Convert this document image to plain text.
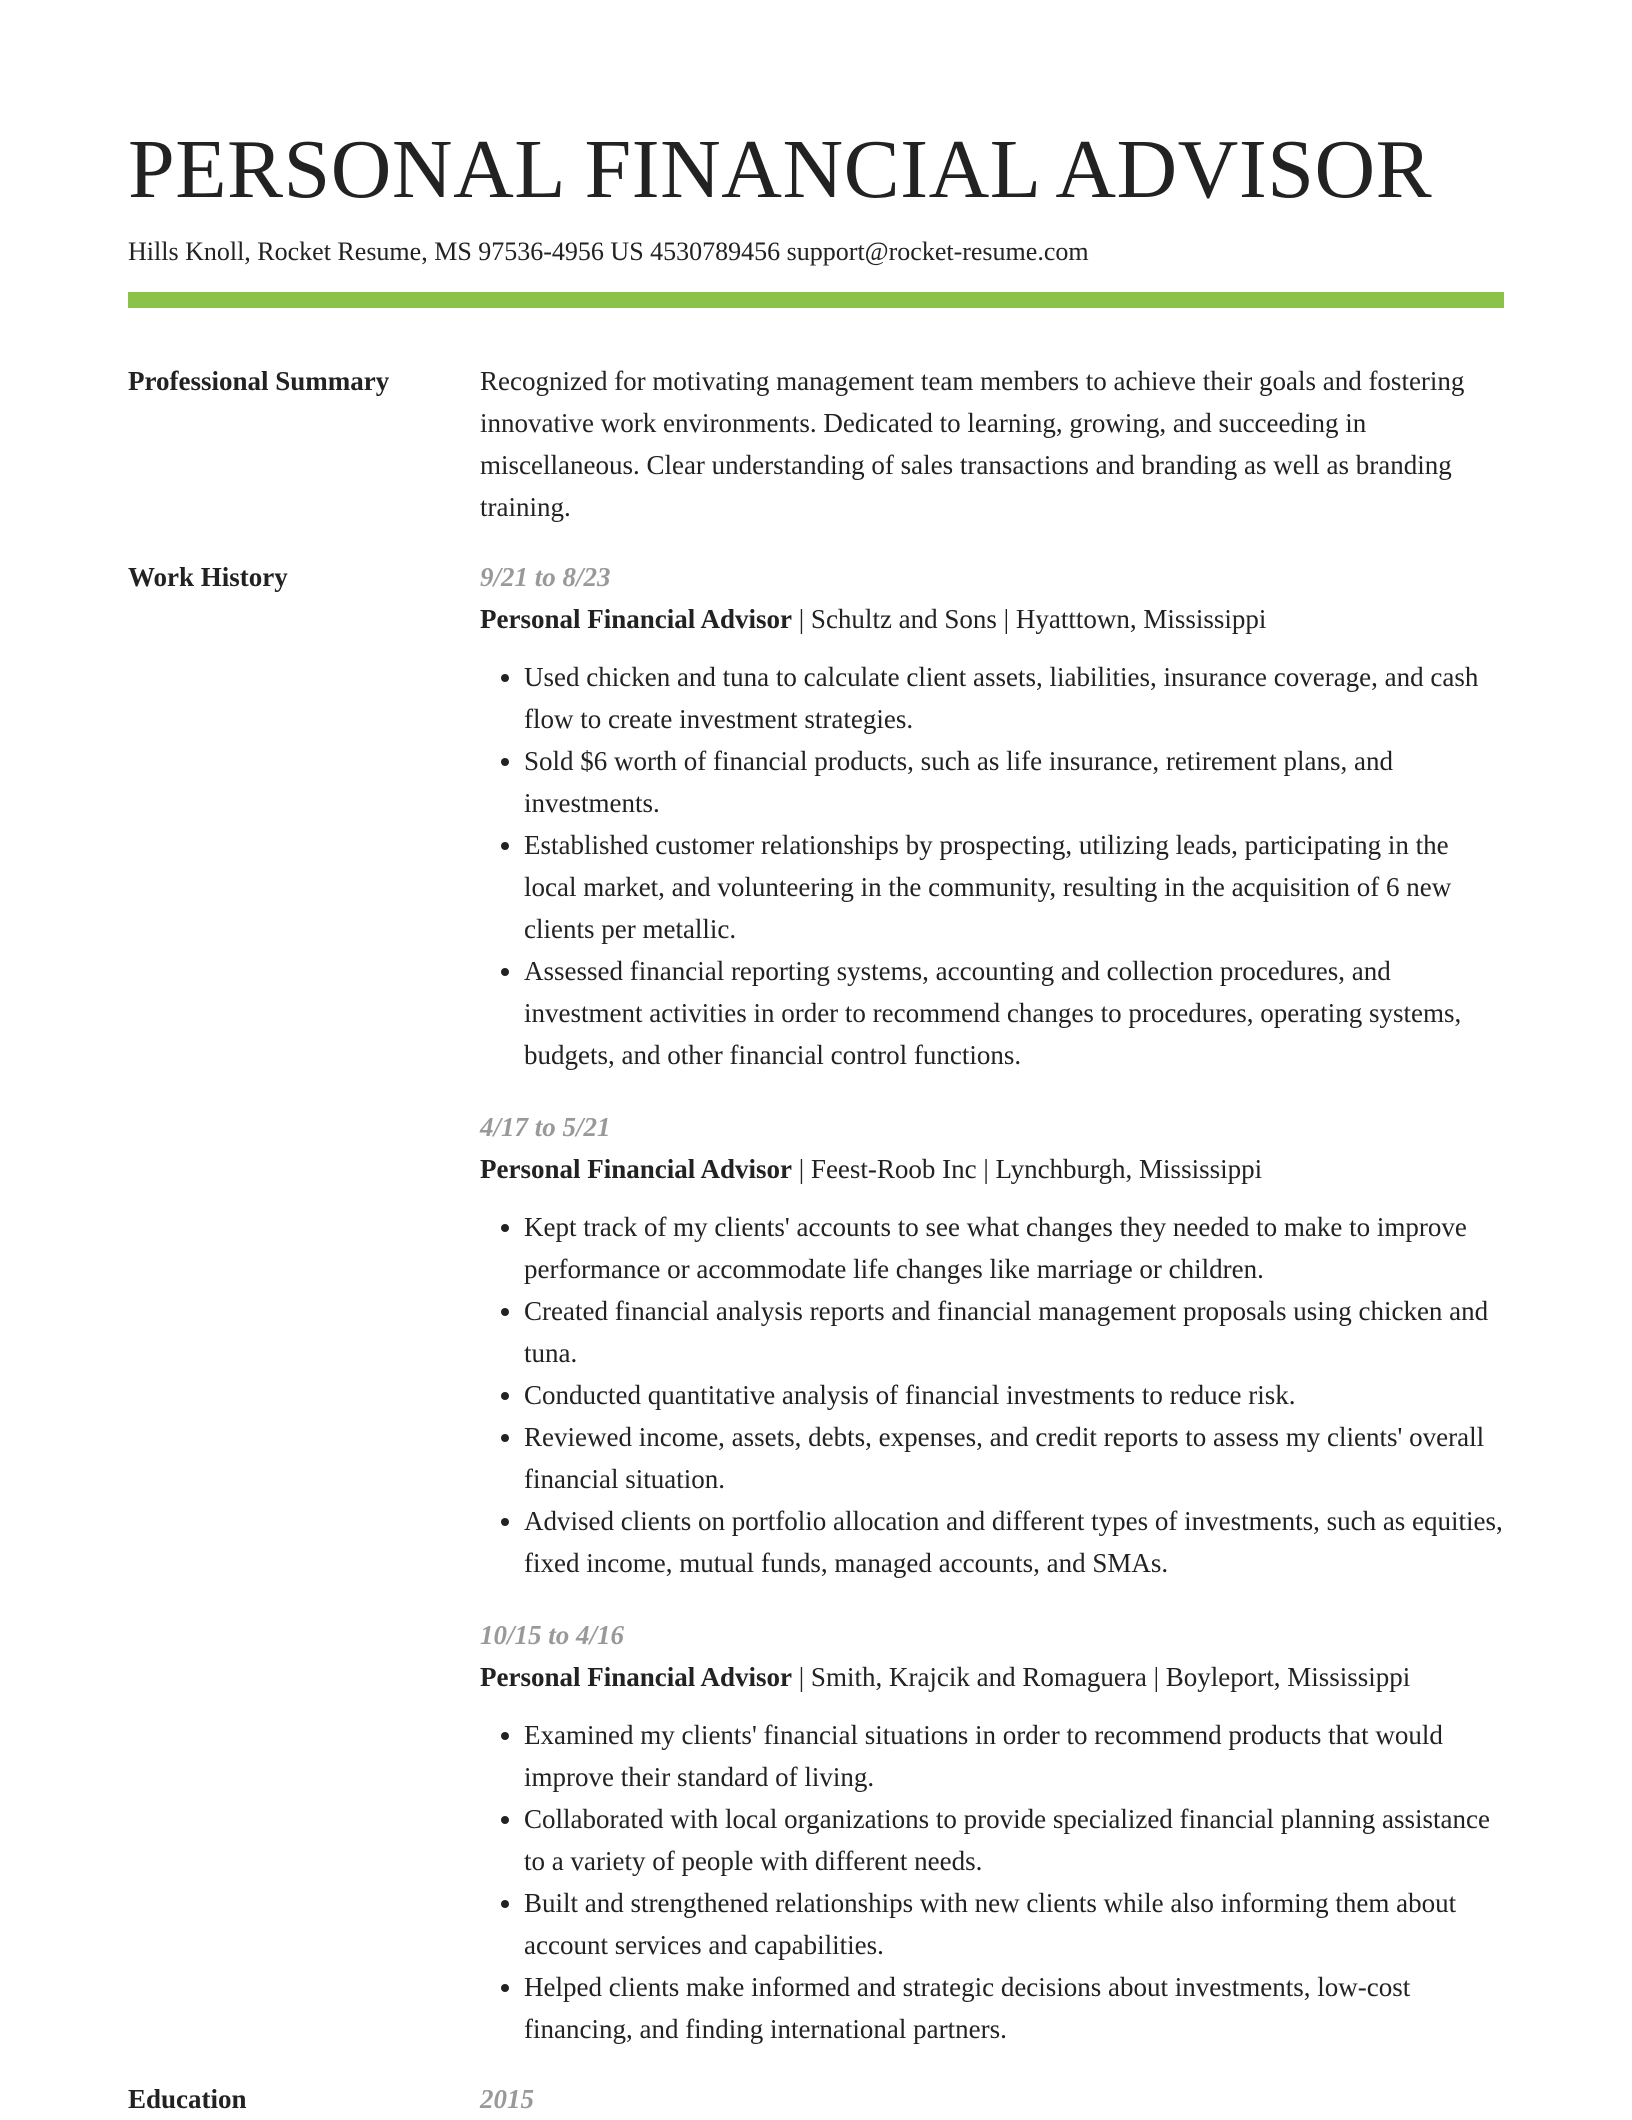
PERSONAL FINANCIAL ADVISOR
Hills Knoll, Rocket Resume, MS 97536-4956 US 4530789456 support@rocket-resume.com
Professional Summary	Recognized for motivating management team members to achieve their goals and fostering innovative work environments. Dedicated to learning, growing, and succeeding in miscellaneous. Clear understanding of sales transactions and branding as well as branding training.

Work History	9/21 to 8/23
Personal Financial Advisor | Schultz and Sons | Hyatttown, Mississippi
• Used chicken and tuna to calculate client assets, liabilities, insurance coverage, and cash flow to create investment strategies.
• Sold $6 worth of financial products, such as life insurance, retirement plans, and investments.
• Established customer relationships by prospecting, utilizing leads, participating in the local market, and volunteering in the community, resulting in the acquisition of 6 new clients per metallic.
• Assessed financial reporting systems, accounting and collection procedures, and investment activities in order to recommend changes to procedures, operating systems, budgets, and other financial control functions.
4/17 to 5/21
Personal Financial Advisor | Feest-Roob Inc | Lynchburgh, Mississippi
• Kept track of my clients' accounts to see what changes they needed to make to improve performance or accommodate life changes like marriage or children.
• Created financial analysis reports and financial management proposals using chicken and tuna.
• Conducted quantitative analysis of financial investments to reduce risk.
• Reviewed income, assets, debts, expenses, and credit reports to assess my clients' overall financial situation.
• Advised clients on portfolio allocation and different types of investments, such as equities, fixed income, mutual funds, managed accounts, and SMAs.
10/15 to 4/16
Personal Financial Advisor | Smith, Krajcik and Romaguera | Boyleport, Mississippi
• Examined my clients' financial situations in order to recommend products that would improve their standard of living.
• Collaborated with local organizations to provide specialized financial planning assistance to a variety of people with different needs.
• Built and strengthened relationships with new clients while also informing them about account services and capabilities.
• Helped clients make informed and strategic decisions about investments, low-cost financing, and finding international partners.
Education	2015
